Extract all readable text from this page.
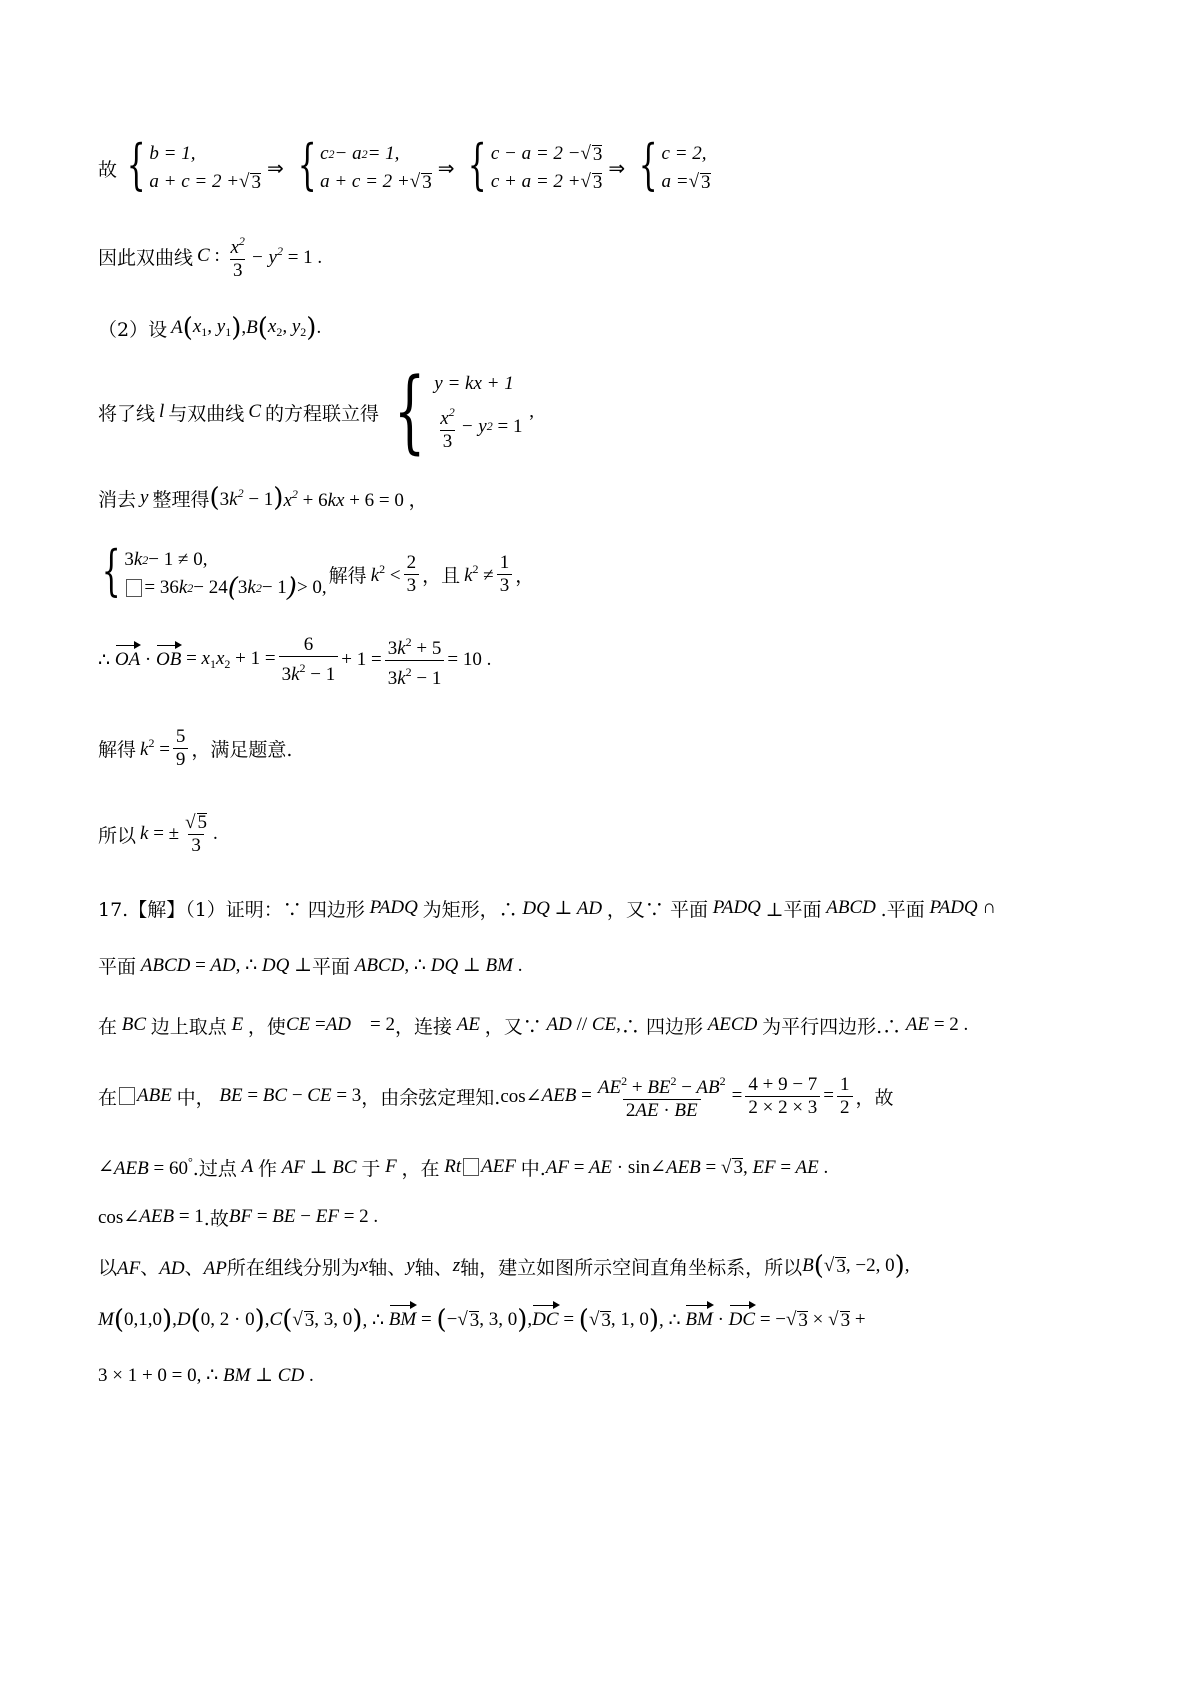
故 { b = 1,
a + c = 2 + √ 3
⇒ { c 2 − a 2 = 1,
a + c = 2 + √ 3
⇒ { c − a = 2 − √ 3
c + a = 2 + √ 3
⇒ { c = 2,
a = √ 3
因此双曲线 C : $\frac{x^2}{3} - y^2 = 1$ .
（2）设 A ( $x_1$, $y_1$ ) , B ( $x_2$, $y_2$ ) .
将了线 l 与双曲线 C 的方程联立得 { y = kx + 1
$\frac{x^2}{3} - y$ 2
= 1
,
消去 y 整理得 ( $3k^2 - 1$ ) $x^2 + 6kx + 6 = 0$ ，
{ 3 k 2 − 1 ≠ 0,
= 36 k 2 − 24 ( 3 k 2 − 1 ) > 0,
解得 $k^2 < \frac{2}{3}$ ，且 $k^2 \ne \frac{1}{3}$ ，
∴ OA · OB = $x_1x_2 + 1 = \frac{6}{3k^2 - 1} + 1 = \frac{3k^2 + 5}{3k^2 - 1} = 10$ .
解得 $k^2 = \frac{5}{9}$ ，满足题意.
所以 k = ± $\frac{√ 5}{3}$ .
17.【解】（1）证明：∵ 四边形 PADQ 为矩形，∴ DQ ⊥ AD ，又∵ 平面 PADQ ⊥平面 ABCD .平面 PADQ ∩
平面 ABCD = AD, ∴ DQ ⊥ 平面 ABCD, ∴ DQ ⊥ BM .
在 BC 边上取点 E ，使 CE =AD    = 2 ，连接 AE ，又∵ AD // CE, ∴ 四边形 AECD 为平行四边形.∴ AE = 2 .
在 ABE 中， BE = BC − CE = 3 ，由余弦定理知. cos∠ AEB = $\frac{AE^2 + BE^2 - AB^2}{2AE \cdot BE} = \frac{4 + 9 - 7}{2 \times 2 \times 3} = \frac{1}{2}$ ，故
∠ AEB = 60° .过点 A 作 AF ⊥ BC 于 F ，在 Rt AEF 中. AF = AE · sin∠AEB = √ 3, EF = AE .
cos∠ AEB = 1 .故 BF = BE − EF = 2 .
以 AF、AD、AP 所在组线分别为 x 轴、 y 轴、 z 轴，建立如图所示空间直角坐标系，所以 B ( √ 3 , −2, 0 ) ,
M ( 0,1,0 ) , D ( 0, 2 · 0 ) , C ( √ 3 , 3, 0 ) , ∴ BM = ( −√ 3 , 3, 0 ) , DC = ( √ 3 , 1, 0 ) , ∴ BM · DC = −√ 3 × √ 3 +
3 × 1 + 0 = 0, ∴ BM ⊥ CD .
